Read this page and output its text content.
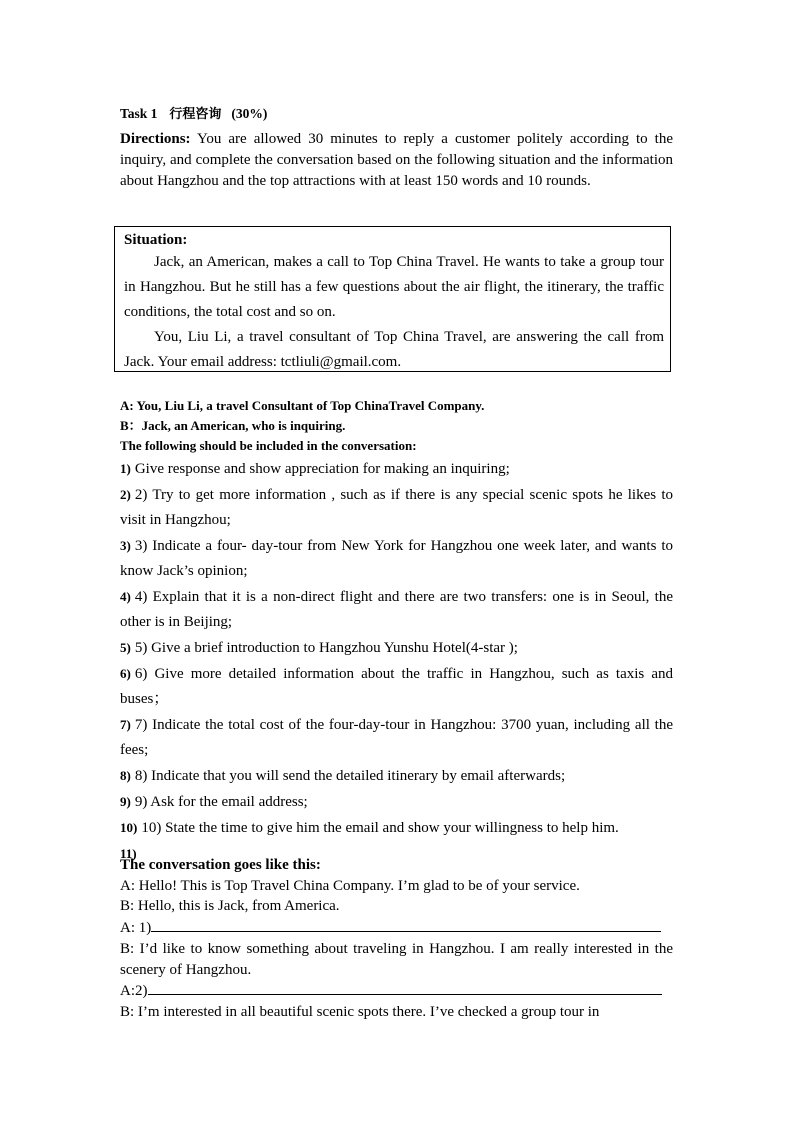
Task 1 行程咨询 (30%)
Directions: You are allowed 30 minutes to reply a customer politely according to the inquiry, and complete the conversation based on the following situation and the information about Hangzhou and the top attractions with at least 150 words and 10 rounds.
Situation:

Jack, an American, makes a call to Top China Travel. He wants to take a group tour in Hangzhou. But he still has a few questions about the air flight, the itinerary, the traffic conditions, the total cost and so on.

You, Liu Li, a travel consultant of Top China Travel, are answering the call from Jack. Your email address: tctliuli@gmail.com.

A: You, Liu Li, a travel Consultant of Top ChinaTravel Company.
B：Jack, an American, who is inquiring.
The following should be included in the conversation:
1) Give response and show appreciation for making an inquiring;
2) 2) Try to get more information , such as if there is any special scenic spots he likes to visit in Hangzhou;
3) 3) Indicate a four- day-tour from New York for Hangzhou one week later, and wants to know Jack’s opinion;
4) 4) Explain that it is a non-direct flight and there are two transfers: one is in Seoul, the other is in Beijing;
5) 5) Give a brief introduction to Hangzhou Yunshu Hotel(4-star );
6) 6) Give more detailed information about the traffic in Hangzhou, such as taxis and buses；
7) 7) Indicate the total cost of the four-day-tour in Hangzhou: 3700 yuan, including all the fees;
8) 8) Indicate that you will send the detailed itinerary by email afterwards;
9) 9) Ask for the email address;
10) 10) State the time to give him the email and show your willingness to help him.
11)
The conversation goes like this:
A: Hello! This is Top Travel China Company. I’m glad to be of your service.
B: Hello, this is Jack, from America.
A: 1)
B: I’d like to know something about traveling in Hangzhou. I am really interested in the scenery of Hangzhou.
A:2)
B: I’m interested in all beautiful scenic spots there. I’ve checked a group tour in
